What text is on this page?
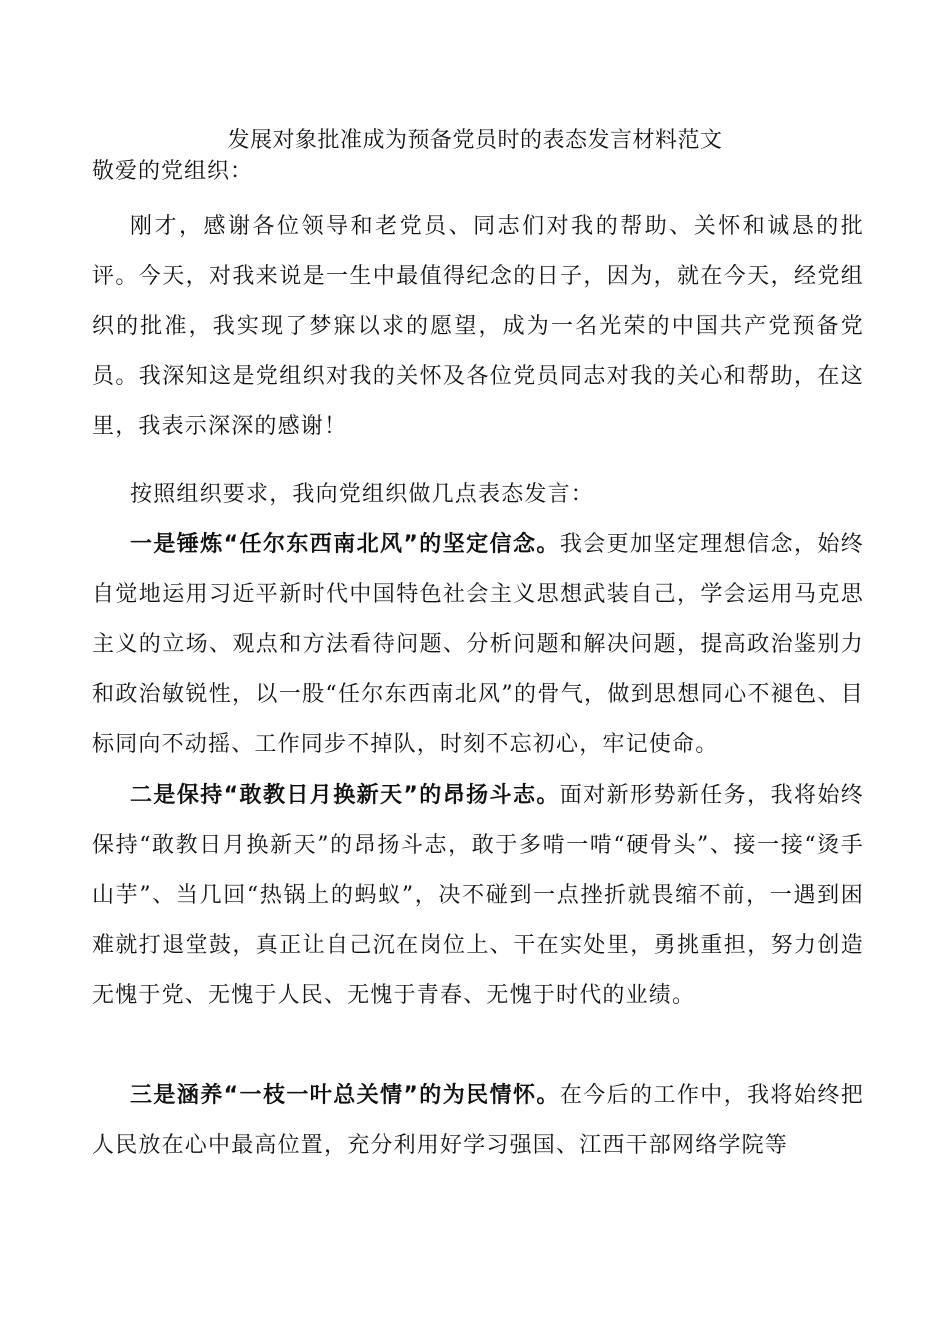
发展对象批准成为预备党员时的表态发言材料范文
敬爱的党组织：

刚才，感谢各位领导和老党员、同志们对我的帮助、关怀和诚恳的批评。今天，对我来说是一生中最值得纪念的日子，因为，就在今天，经党组织的批准，我实现了梦寐以求的愿望，成为一名光荣的中国共产党预备党员。我深知这是党组织对我的关怀及各位党员同志对我的关心和帮助，在这里，我表示深深的感谢！

按照组织要求，我向党组织做几点表态发言：

一是锤炼“任尔东西南北风”的坚定信念。我会更加坚定理想信念，始终自觉地运用习近平新时代中国特色社会主义思想武装自己，学会运用马克思主义的立场、观点和方法看待问题、分析问题和解决问题，提高政治鉴别力和政治敏锐性，以一股“任尔东西南北风”的骨气，做到思想同心不褪色、目标同向不动摇、工作同步不掉队，时刻不忘初心，牢记使命。

二是保持“敢教日月换新天”的昂扬斗志。面对新形势新任务，我将始终保持“敢教日月换新天”的昂扬斗志，敢于多啃一啃“硬骨头”、接一接“烫手山芋”、当几回“热锅上的蚂蚁”，决不碰到一点挫折就畏缩不前，一遇到困难就打退堂鼓，真正让自己沉在岗位上、干在实处里，勇挑重担，努力创造无愧于党、无愧于人民、无愧于青春、无愧于时代的业绩。

三是涵养“一枝一叶总关情”的为民情怀。在今后的工作中，我将始终把人民放在心中最高位置，充分利用好学习强国、江西干部网络学院等
